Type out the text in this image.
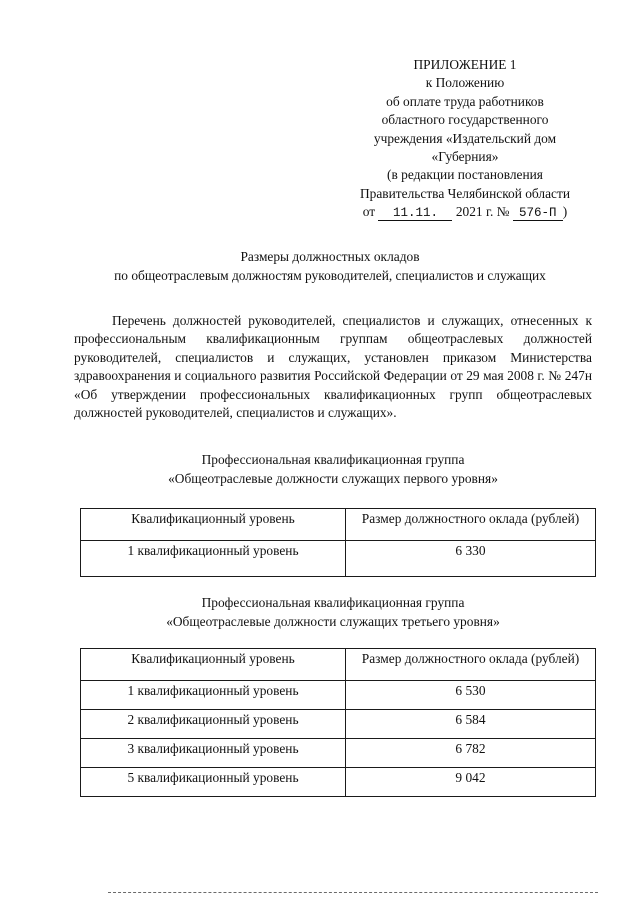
ПРИЛОЖЕНИЕ 1
к Положению
об оплате труда работников
областного государственного
учреждения «Издательский дом
«Губерния»
(в редакции постановления
Правительства Челябинской области
от 11.11. 2021 г. № 576-П )
Размеры должностных окладов
по общеотраслевым должностям руководителей, специалистов и служащих
Перечень должностей руководителей, специалистов и служащих, отнесенных к профессиональным квалификационным группам общеотраслевых должностей руководителей, специалистов и служащих, установлен приказом Министерства здравоохранения и социального развития Российской Федерации от 29 мая 2008 г. № 247н «Об утверждении профессиональных квалификационных групп общеотраслевых должностей руководителей, специалистов и служащих».
Профессиональная квалификационная группа
«Общеотраслевые должности служащих первого уровня»
Квалификационный уровень	Размер должностного оклада (рублей)
1 квалификационный уровень	6 330
Профессиональная квалификационная группа
«Общеотраслевые должности служащих третьего уровня»
Квалификационный уровень	Размер должностного оклада (рублей)
1 квалификационный уровень	6 530
2 квалификационный уровень	6 584
3 квалификационный уровень	6 782
5 квалификационный уровень	9 042
